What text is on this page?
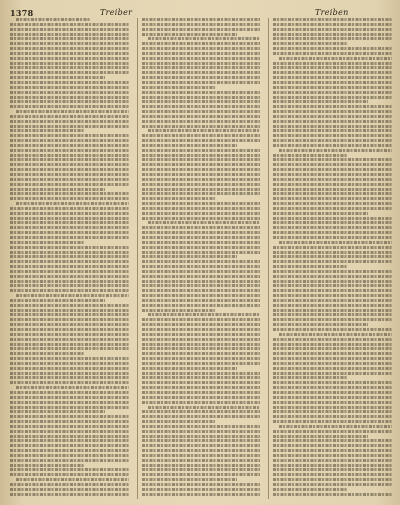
1378	Treiber	Treiben
